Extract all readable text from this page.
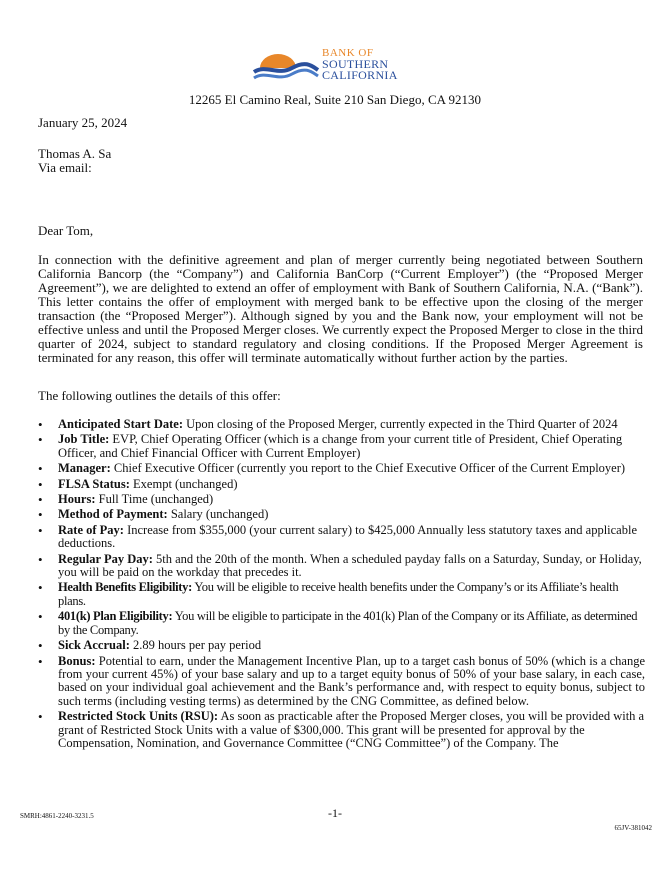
BANK OF
SOUTHERN
CALIFORNIA
12265 El Camino Real, Suite 210 San Diego, CA 92130
January 25, 2024
Thomas A. Sa
Via email:
Dear Tom,
In connection with the definitive agreement and plan of merger currently being negotiated between Southern California Bancorp (the “Company”) and California BanCorp (“Current Employer”) (the “Proposed Merger Agreement”), we are delighted to extend an offer of employment with Bank of Southern California, N.A. (“Bank”). This letter contains the offer of employment with merged bank to be effective upon the closing of the merger transaction (the “Proposed Merger”). Although signed by you and the Bank now, your employment will not be effective unless and until the Proposed Merger closes. We currently expect the Proposed Merger to close in the third quarter of 2024, subject to standard regulatory and closing conditions. If the Proposed Merger Agreement is terminated for any reason, this offer will terminate automatically without further action by the parties.
The following outlines the details of this offer:
• Anticipated Start Date: Upon closing of the Proposed Merger, currently expected in the Third Quarter of 2024
• Job Title: EVP, Chief Operating Officer (which is a change from your current title of President, Chief Operating Officer, and Chief Financial Officer with Current Employer)
• Manager: Chief Executive Officer (currently you report to the Chief Executive Officer of the Current Employer)
• FLSA Status: Exempt (unchanged)
• Hours: Full Time (unchanged)
• Method of Payment: Salary (unchanged)
• Rate of Pay: Increase from $355,000 (your current salary) to $425,000 Annually less statutory taxes and applicable deductions.
• Regular Pay Day: 5th and the 20th of the month. When a scheduled payday falls on a Saturday, Sunday, or Holiday, you will be paid on the workday that precedes it.
• Health Benefits Eligibility: You will be eligible to receive health benefits under the Company’s or its Affiliate’s health plans.
• 401(k) Plan Eligibility: You will be eligible to participate in the 401(k) Plan of the Company or its Affiliate, as determined by the Company.
• Sick Accrual: 2.89 hours per pay period
• Bonus: Potential to earn, under the Management Incentive Plan, up to a target cash bonus of 50% (which is a change from your current 45%) of your base salary and up to a target equity bonus of 50% of your base salary, in each case, based on your individual goal achievement and the Bank’s performance and, with respect to equity bonus, subject to such terms (including vesting terms) as determined by the CNG Committee, as defined below.
• Restricted Stock Units (RSU): As soon as practicable after the Proposed Merger closes, you will be provided with a grant of Restricted Stock Units with a value of $300,000. This grant will be presented for approval by the Compensation, Nomination, and Governance Committee (“CNG Committee”) of the Company. The
SMRH:4861-2240-3231.5	-1-
65JV-381042
